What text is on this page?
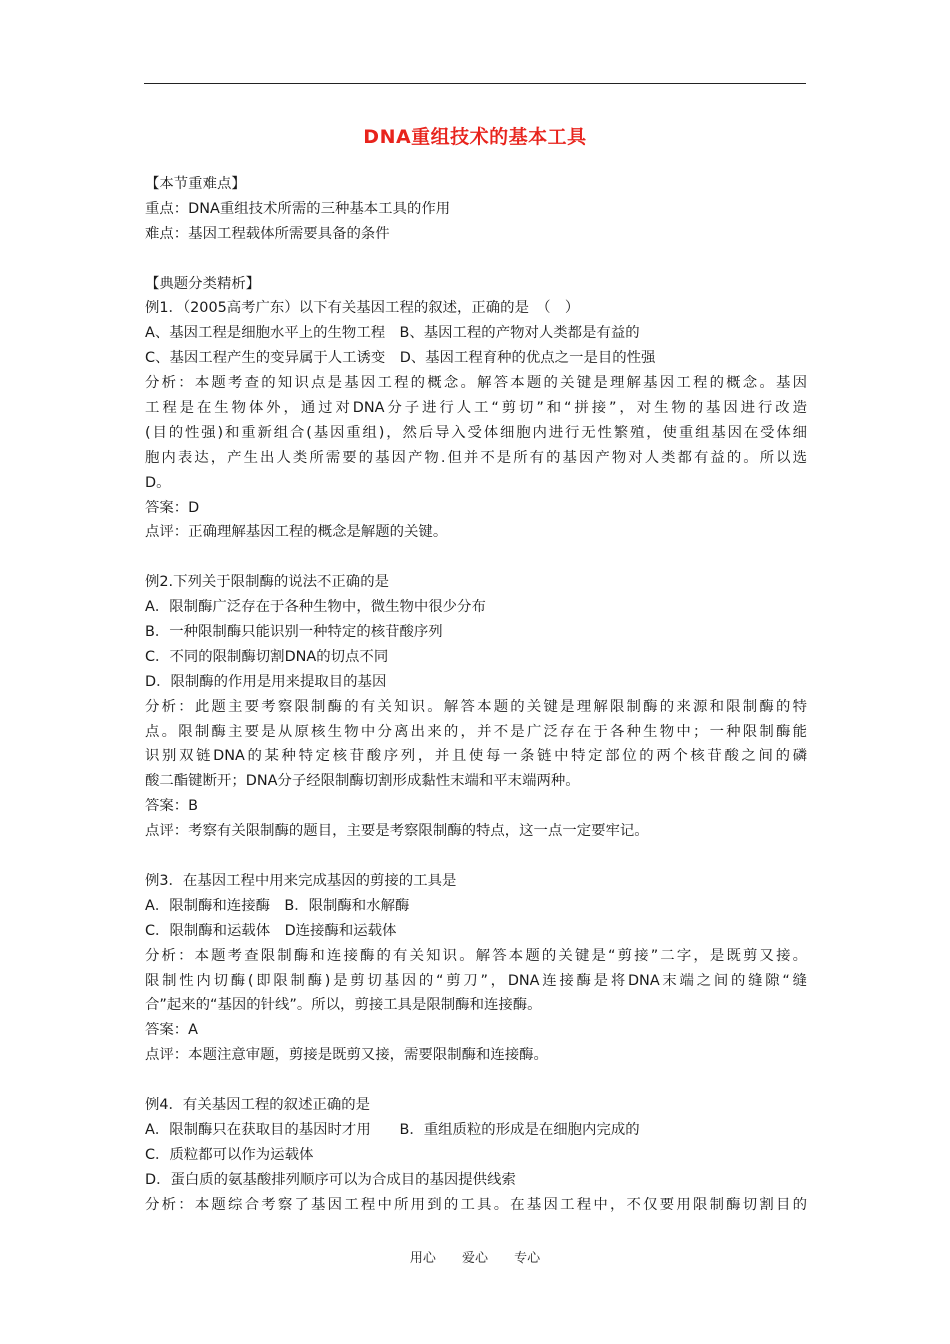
DNA重组技术的基本工具
【本节重难点】
重点：DNA重组技术所需的三种基本工具的作用
难点：基因工程载体所需要具备的条件
【典题分类精析】
例1．（2005高考广东）以下有关基因工程的叙述，正确的是　（　）
A、基因工程是细胞水平上的生物工程　B、基因工程的产物对人类都是有益的
C、基因工程产生的变异属于人工诱变　D、基因工程育种的优点之一是目的性强
分析：本题考查的知识点是基因工程的概念。解答本题的关键是理解基因工程的概念。基因
工程是在生物体外，通过对DNA分子进行人工“剪切”和“拼接”，对生物的基因进行改造
(目的性强)和重新组合(基因重组)，然后导入受体细胞内进行无性繁殖，使重组基因在受体细
胞内表达，产生出人类所需要的基因产物.但并不是所有的基因产物对人类都有益的。所以选
D。
答案：D
点评：正确理解基因工程的概念是解题的关键。
例2.下列关于限制酶的说法不正确的是
A．限制酶广泛存在于各种生物中，微生物中很少分布
B．一种限制酶只能识别一种特定的核苷酸序列
C．不同的限制酶切割DNA的切点不同
D．限制酶的作用是用来提取目的基因
分析：此题主要考察限制酶的有关知识。解答本题的关键是理解限制酶的来源和限制酶的特
点。限制酶主要是从原核生物中分离出来的，并不是广泛存在于各种生物中；一种限制酶能
识别双链DNA的某种特定核苷酸序列，并且使每一条链中特定部位的两个核苷酸之间的磷
酸二酯键断开；DNA分子经限制酶切割形成黏性末端和平末端两种。
答案：B
点评：考察有关限制酶的题目，主要是考察限制酶的特点，这一点一定要牢记。
例3．在基因工程中用来完成基因的剪接的工具是
A．限制酶和连接酶　B．限制酶和水解酶
C．限制酶和运载体　D连接酶和运载体
分析：本题考查限制酶和连接酶的有关知识。解答本题的关键是“剪接”二字，是既剪又接。
限制性内切酶(即限制酶)是剪切基因的“剪刀”，DNA连接酶是将DNA末端之间的缝隙“缝
合”起来的“基因的针线”。所以，剪接工具是限制酶和连接酶。
答案：A
点评：本题注意审题，剪接是既剪又接，需要限制酶和连接酶。
例4．有关基因工程的叙述正确的是
A．限制酶只在获取目的基因时才用　　B．重组质粒的形成是在细胞内完成的
C．质粒都可以作为运载体
D．蛋白质的氨基酸排列顺序可以为合成目的基因提供线索
分析：本题综合考察了基因工程中所用到的工具。在基因工程中，不仅要用限制酶切割目的
用心 爱心 专心
